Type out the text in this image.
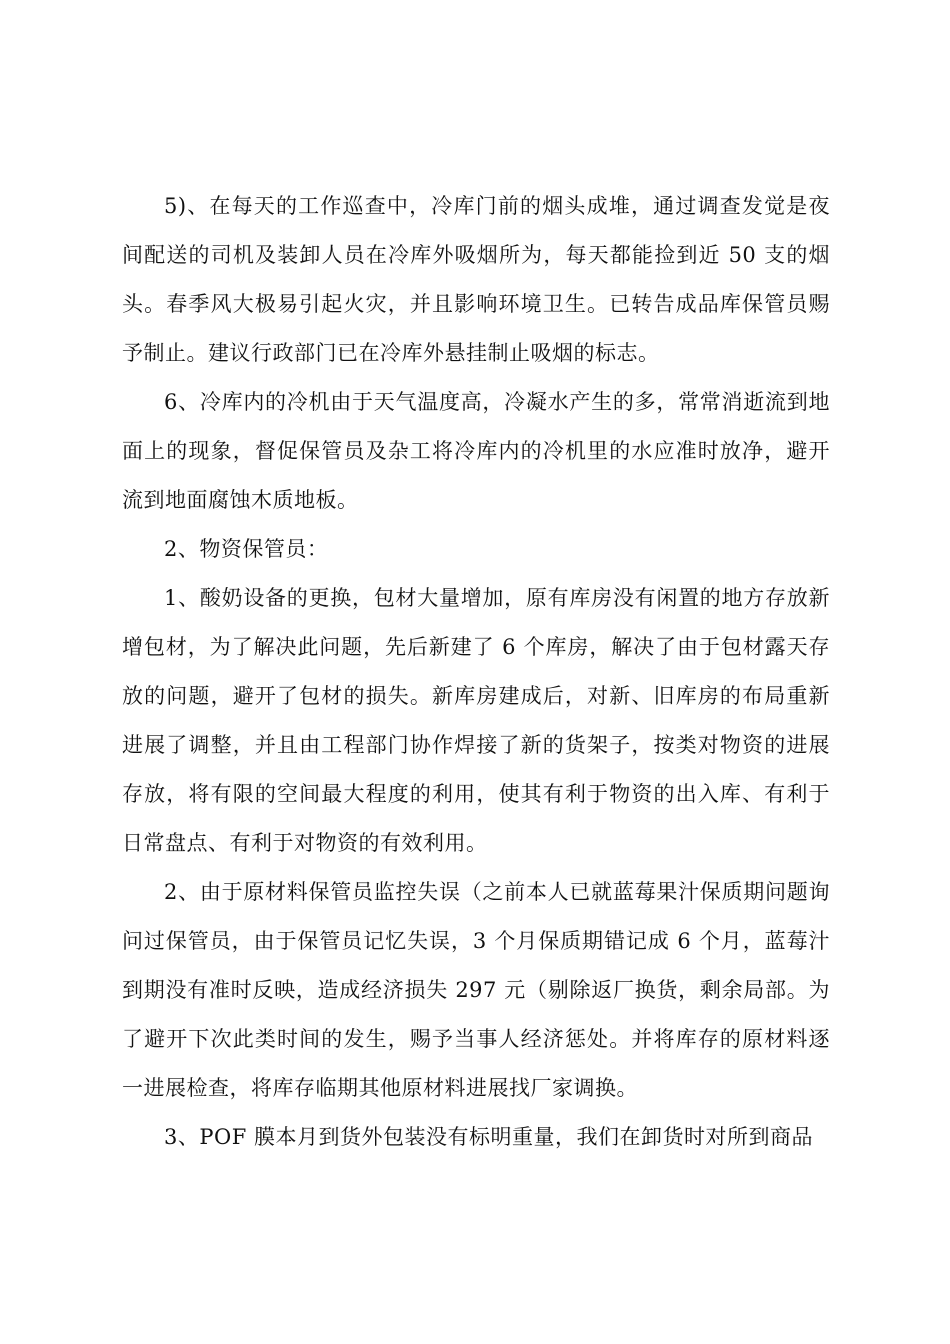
5)、在每天的工作巡查中，冷库门前的烟头成堆，通过调查发觉是夜间配送的司机及装卸人员在冷库外吸烟所为，每天都能捡到近 50 支的烟头。春季风大极易引起火灾，并且影响环境卫生。已转告成品库保管员赐予制止。建议行政部门已在冷库外悬挂制止吸烟的标志。

6、冷库内的冷机由于天气温度高，冷凝水产生的多，常常消逝流到地面上的现象，督促保管员及杂工将冷库内的冷机里的水应准时放净，避开流到地面腐蚀木质地板。

2、物资保管员：

1、酸奶设备的更换，包材大量增加，原有库房没有闲置的地方存放新增包材，为了解决此问题，先后新建了 6 个库房，解决了由于包材露天存放的问题，避开了包材的损失。新库房建成后，对新、旧库房的布局重新进展了调整，并且由工程部门协作焊接了新的货架子，按类对物资的进展存放，将有限的空间最大程度的利用，使其有利于物资的出入库、有利于日常盘点、有利于对物资的有效利用。

2、由于原材料保管员监控失误（之前本人已就蓝莓果汁保质期问题询问过保管员，由于保管员记忆失误，3 个月保质期错记成 6 个月，蓝莓汁到期没有准时反映，造成经济损失 297 元（剔除返厂换货，剩余局部。为了避开下次此类时间的发生，赐予当事人经济惩处。并将库存的原材料逐一进展检查，将库存临期其他原材料进展找厂家调换。

3、POF 膜本月到货外包装没有标明重量，我们在卸货时对所到商品
